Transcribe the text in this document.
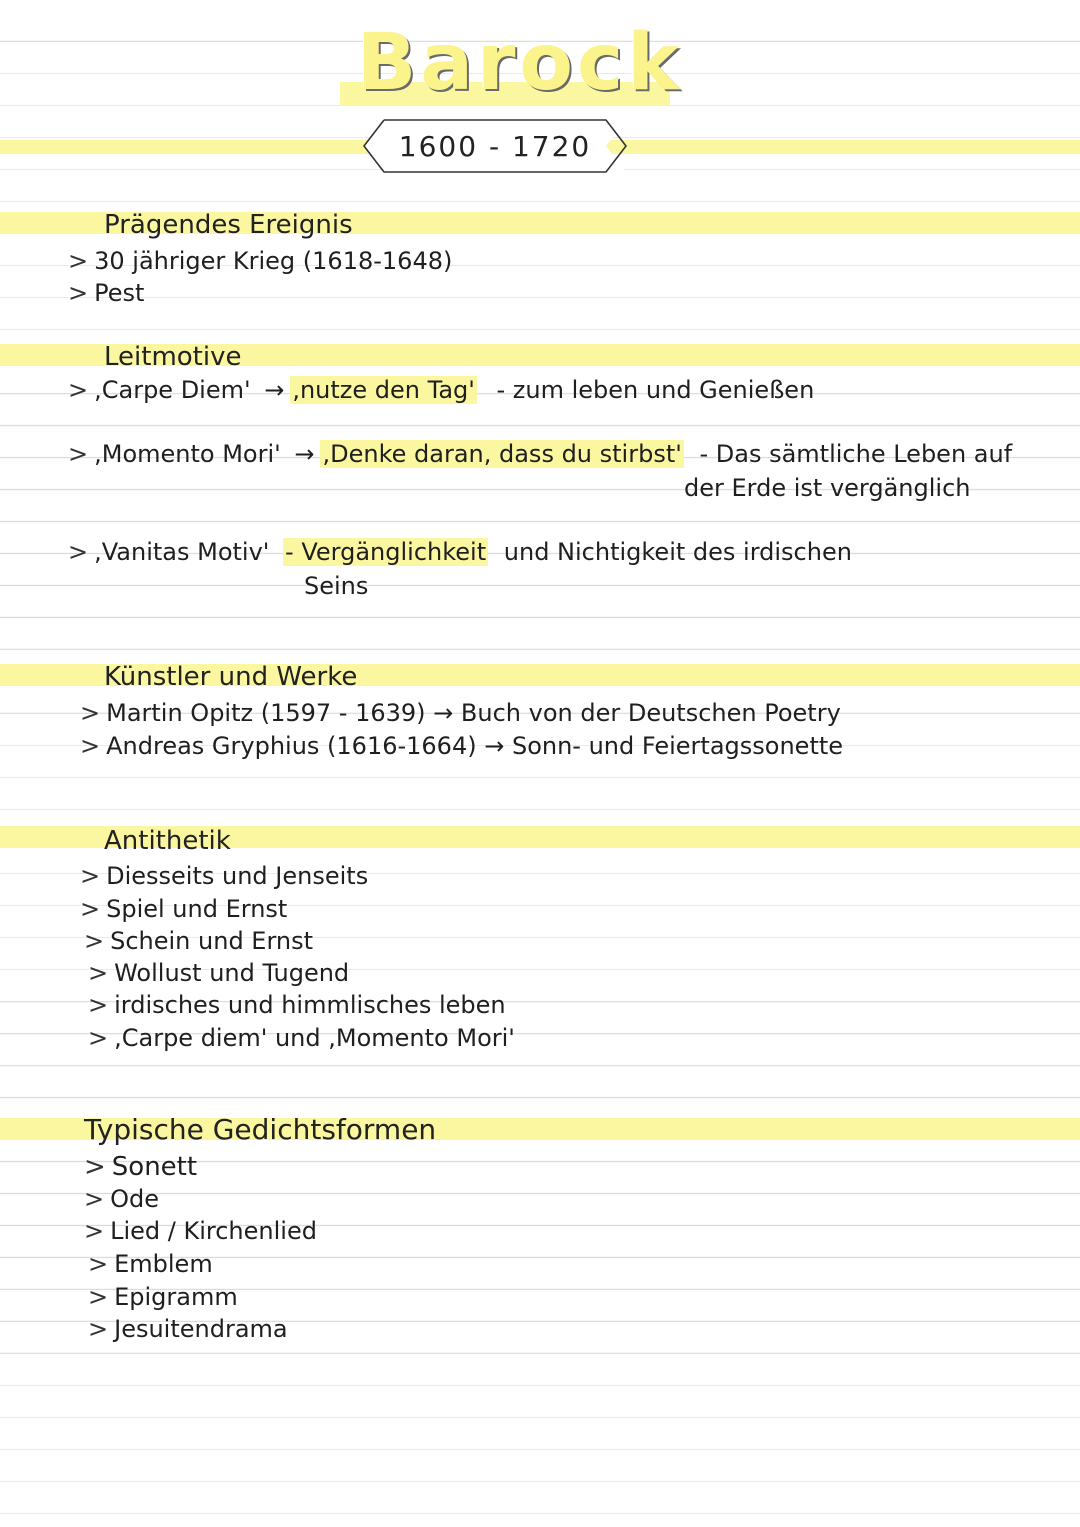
Barock
1600 - 1720
Prägendes Ereignis
> 30 jähriger Krieg (1618-1648)
> Pest
Leitmotive
> ,Carpe Diem' → ,nutze den Tag' - zum leben und Genießen
> ,Momento Mori' → ,Denke daran, dass du stirbst' - Das sämtliche Leben auf
der Erde ist vergänglich
> ,Vanitas Motiv' - Vergänglichkeit und Nichtigkeit des irdischen
Seins
Künstler und Werke
> Martin Opitz (1597 - 1639) → Buch von der Deutschen Poetry
> Andreas Gryphius (1616-1664) → Sonn- und Feiertagssonette
Antithetik
> Diesseits und Jenseits
> Spiel und Ernst
> Schein und Ernst
> Wollust und Tugend
> irdisches und himmlisches leben
> ,Carpe diem' und ,Momento Mori'
Typische Gedichtsformen
> Sonett
> Ode
> Lied / Kirchenlied
> Emblem
> Epigramm
> Jesuitendrama
